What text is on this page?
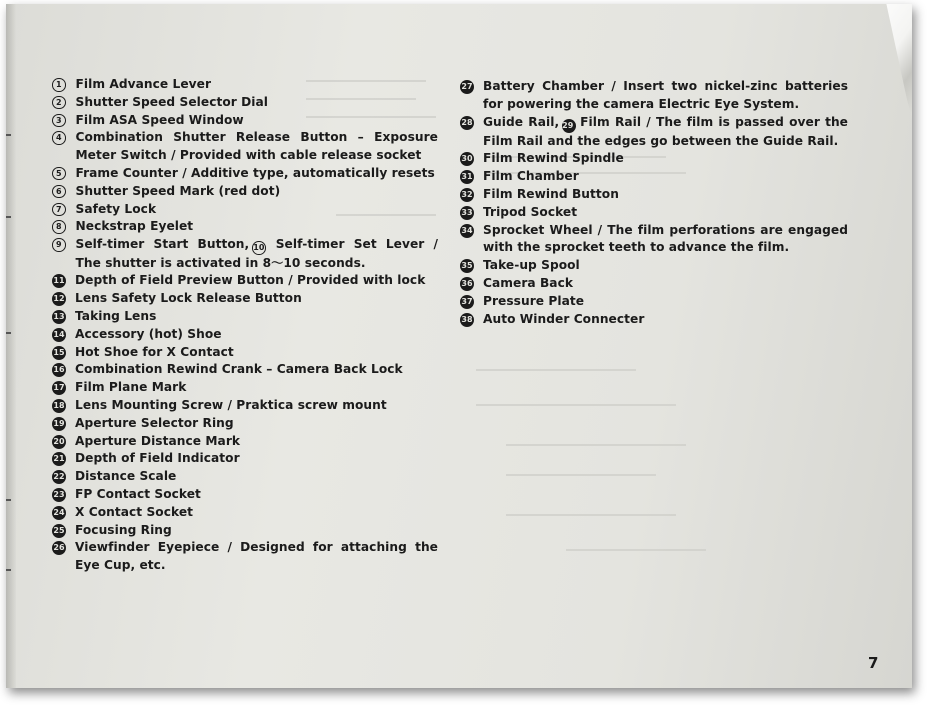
1	Film Advance Lever
2	Shutter Speed Selector Dial
3	Film ASA Speed Window
4	Combination Shutter Release Button – Exposure Meter Switch / Provided with cable release socket
5	Frame Counter / Additive type, automatically resets
6	Shutter Speed Mark (red dot)
7	Safety Lock
8	Neckstrap Eyelet
9	Self-timer Start Button, 10 Self-timer Set Lever / The shutter is activated in 8〜10 seconds.
11 Depth of Field Preview Button / Provided with lock
12 Lens Safety Lock Release Button
13 Taking Lens
14 Accessory (hot) Shoe
15 Hot Shoe for X Contact
16 Combination Rewind Crank – Camera Back Lock
17 Film Plane Mark
18 Lens Mounting Screw / Praktica screw mount
19 Aperture Selector Ring
20 Aperture Distance Mark
21 Depth of Field Indicator
22 Distance Scale
23 FP Contact Socket
24 X Contact Socket
25 Focusing Ring
26 Viewfinder Eyepiece / Designed for attaching the Eye Cup, etc.
27 Battery Chamber / Insert two nickel-zinc batteries for powering the camera Electric Eye System.
28 Guide Rail, 29 Film Rail / The film is passed over the Film Rail and the edges go between the Guide Rail.
30 Film Rewind Spindle
31 Film Chamber
32 Film Rewind Button
33 Tripod Socket
34 Sprocket Wheel / The film perforations are engaged with the sprocket teeth to advance the film.
35 Take-up Spool
36 Camera Back
37 Pressure Plate
38 Auto Winder Connecter
7
